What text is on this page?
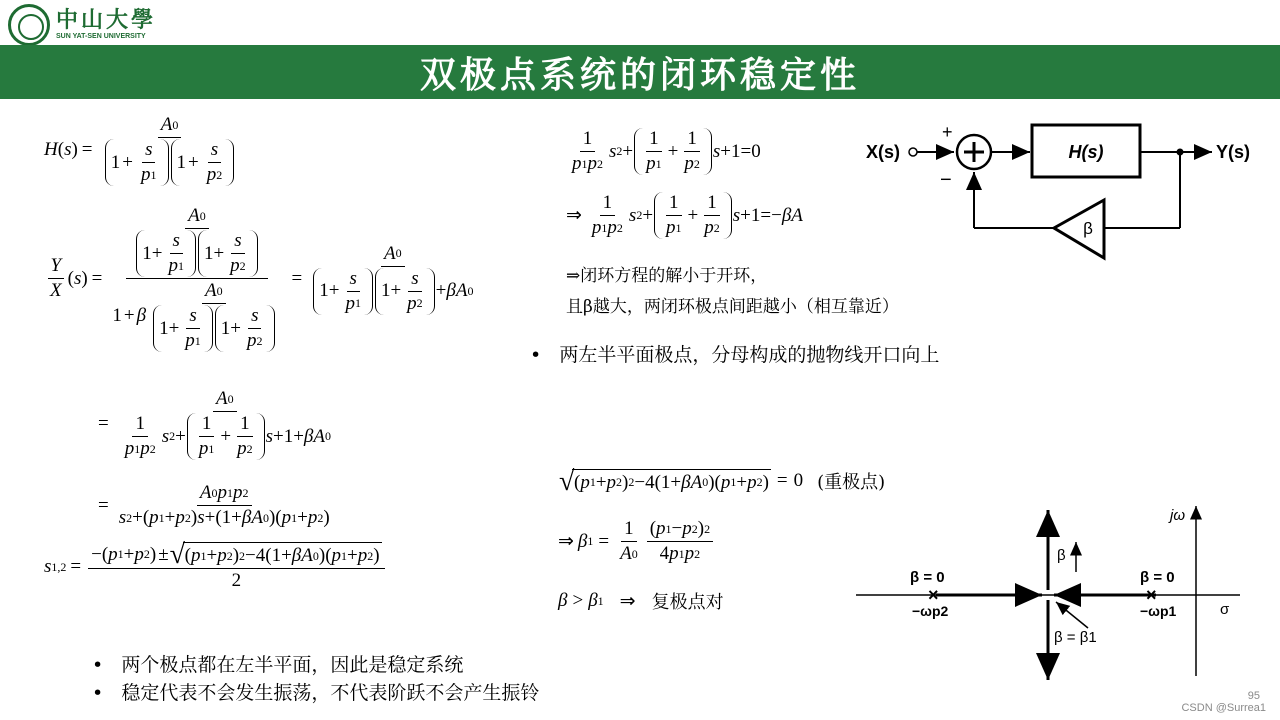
中山大學
SUN YAT-SEN UNIVERSITY
双极点系统的闭环稳定性
H ( s ) = $\frac{A 0}{1 + \frac{s}{p 1} 1 + \frac{s}{p 2}}$
$\frac{Y}{X}$ ( s ) =
$\frac{A 0}{1 + \frac{s}{p 1} 1 + \frac{s}{p 2}}$
1 + β $\frac{A 0}{1 + \frac{s}{p 1} 1 + \frac{s}{p 2}}$
= $\frac{A 0}{1 + \frac{s}{p 1} 1 + \frac{s}{p 2} + \beta A 0}$
= $\frac{A 0}{\frac{1}{p 1 p 2} s 2 + \frac{1}{p 1} + \frac{1}{p 2} s + 1 + \beta A 0}$
= $\frac{A 0 p 1 p 2}{\text{s 2 +( p 1 + p 2 ) s +( 1 + β A 0 )( p 1 + p 2 )}}$
s 1,2 = − ( p 1 + p 2 ) ±
√ ( p 1 + p 2 ) 2 −4( 1 + β A 0 )( p 1 + p 2 )
2
$\frac{1}{p 1 p 2}$ s $2 + \frac{1}{p 1} + \frac{1}{p 2}$ s + 1 = 0
⇒ $\frac{1}{p 1 p 2}$ s $2 + \frac{1}{p 1} + \frac{1}{p 2}$ s + 1 = − β A
⇒闭环方程的解小于开环，
且β越大，两闭环极点间距越小（相互靠近）
•   两左半平面极点，分母构成的抛物线开口向上
√ ( p 1 + p 2 ) 2 −4( 1 + β A 0 )( p 1 + p 2 ) = 0 (重极点)
⇒ β $1 = \frac{1}{A 0} \frac{( p 1 - p 2 ) 2}{4 p 1 p 2}$
β > β 1 ⇒ 复极点对
•   两个极点都在左半平面，因此是稳定系统
•   稳定代表不会发生振荡，不代表阶跃不会产生振铃
X(s)
+
−
H(s)	Y(s)
β
jω
σ
×	×
β = 0	β = 0
−ωp2	−ωp1
β
β = β1
95
CSDN @Surrea1
